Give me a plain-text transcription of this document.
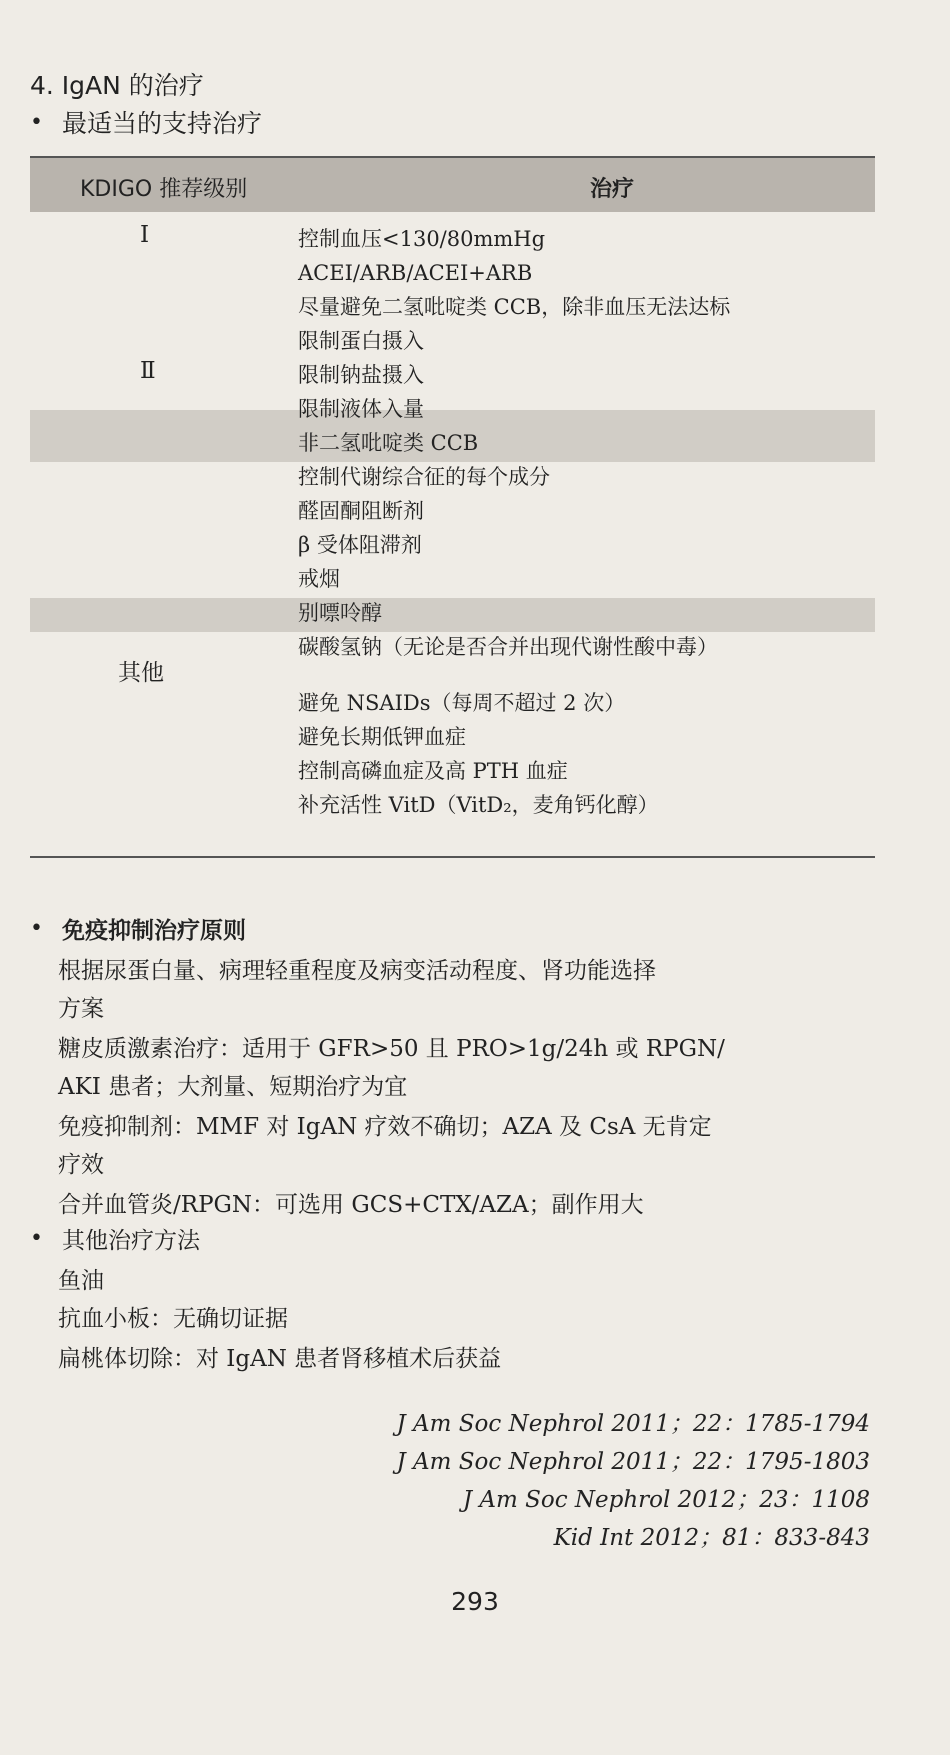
4. IgAN 的治疗
• 最适当的支持治疗
KDIGO 推荐级别	治疗
I
Ⅱ
其他
控制血压<130/80mmHg
ACEI/ARB/ACEI+ARB
尽量避免二氢吡啶类 CCB，除非血压无法达标
限制蛋白摄入
限制钠盐摄入
限制液体入量
非二氢吡啶类 CCB
控制代谢综合征的每个成分
醛固酮阻断剂
β 受体阻滞剂
戒烟
别嘌呤醇
碳酸氢钠（无论是否合并出现代谢性酸中毒）
避免 NSAIDs（每周不超过 2 次）
避免长期低钾血症
控制高磷血症及高 PTH 血症
补充活性 VitD（VitD₂，麦角钙化醇）
• 免疫抑制治疗原则
根据尿蛋白量、病理轻重程度及病变活动程度、肾功能选择
方案
糖皮质激素治疗：适用于 GFR>50 且 PRO>1g/24h 或 RPGN/
AKI 患者；大剂量、短期治疗为宜
免疫抑制剂：MMF 对 IgAN 疗效不确切；AZA 及 CsA 无肯定
疗效
合并血管炎/RPGN：可选用 GCS+CTX/AZA；副作用大
• 其他治疗方法
鱼油
抗血小板：无确切证据
扁桃体切除：对 IgAN 患者肾移植术后获益
J Am Soc Nephrol 2011；22：1785-1794
J Am Soc Nephrol 2011；22：1795-1803
J Am Soc Nephrol 2012；23：1108
Kid Int 2012；81：833-843
293
